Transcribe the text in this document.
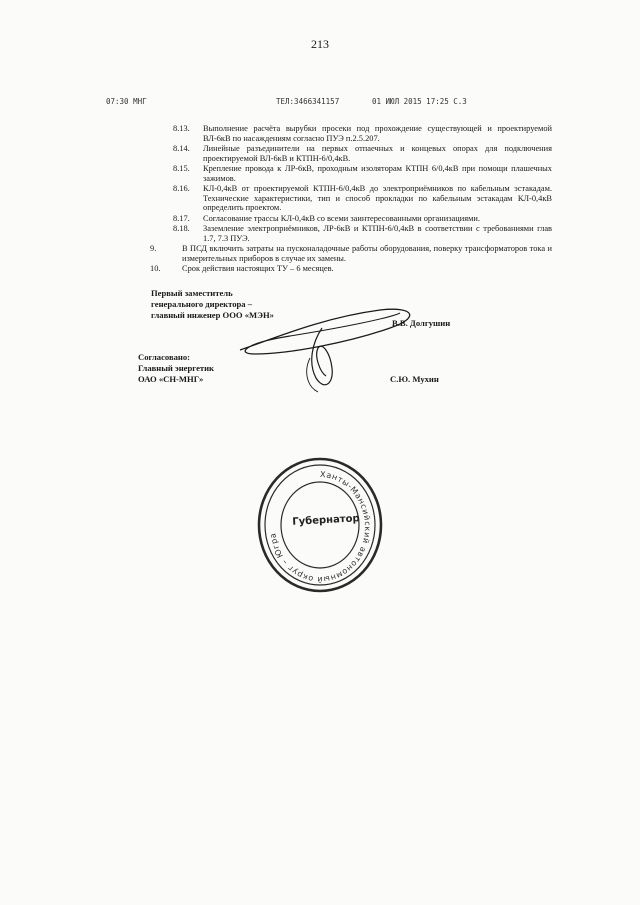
213
07:30 МНГ	ТЕЛ:3466341157	01 ИЮЛ 2015 17:25 С.З
8.13. Выполнение расчёта вырубки просеки под прохождение существующей и проектируемой ВЛ-6кВ по насаждениям согласно ПУЭ п.2.5.207.
8.14. Линейные разъединители на первых отпаечных и концевых опорах для подключения проектируемой ВЛ-6кВ и КТПН-6/0,4кВ.
8.15. Крепление провода к ЛР-6кВ, проходным изоляторам КТПН 6/0,4кВ при помощи плашечных зажимов.
8.16. КЛ-0,4кВ от проектируемой КТПН-6/0,4кВ до электроприёмников по кабельным эстакадам. Технические характеристики, тип и способ прокладки по кабельным эстакадам КЛ-0,4кВ определить проектом.
8.17. Согласование трассы КЛ-0,4кВ со всеми заинтересованными организациями.
8.18. Заземление электроприёмников, ЛР-6кВ и КТПН-6/0,4кВ в соответствии с требованиями глав 1.7, 7.3 ПУЭ.
9.	В ПСД включить затраты на пусконаладочные работы оборудования, поверку трансформаторов тока и измерительных приборов в случае их замены.
10.	Срок действия настоящих ТУ – 6 месяцев.
Первый заместитель
генерального директора –
главный инженер ООО «МЭН»
В.В. Долгушин
Согласовано:
Главный энергетик
ОАО «СН-МНГ»	С.Ю. Мухин
Ханты-Мансийский автономный округ – Югра
Губернатор
